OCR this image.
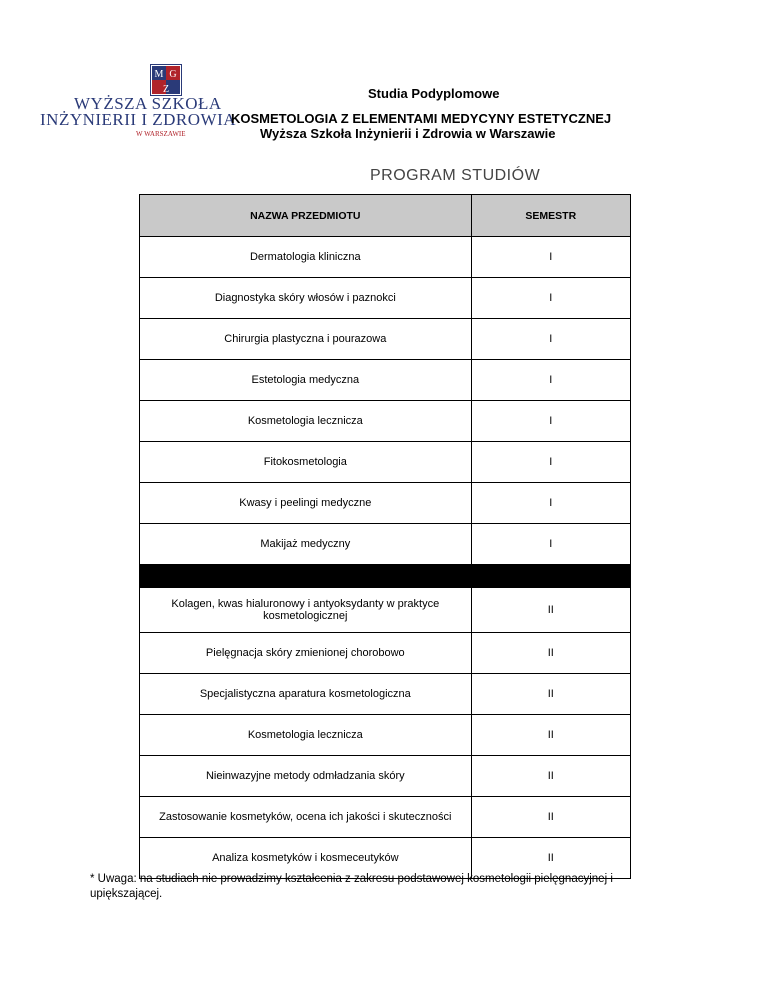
M G
Z
WYŻSZA SZKOŁA
INŻYNIERII I ZDROWIA
W WARSZAWIE
Studia Podyplomowe
KOSMETOLOGIA Z ELEMENTAMI MEDYCYNY ESTETYCZNEJ
Wyższa Szkoła Inżynierii i Zdrowia w Warszawie
PROGRAM STUDIÓW
NAZWA PRZEDMIOTU	SEMESTR
Dermatologia kliniczna	I
Diagnostyka skóry włosów i paznokci	I
Chirurgia plastyczna i pourazowa	I
Estetologia medyczna	I
Kosmetologia lecznicza	I
Fitokosmetologia	I
Kwasy i peelingi medyczne	I
Makijaż medyczny	I

Kolagen, kwas hialuronowy i antyoksydanty w praktyce kosmetologicznej	II
Pielęgnacja skóry zmienionej chorobowo	II
Specjalistyczna aparatura kosmetologiczna	II
Kosmetologia lecznicza	II
Nieinwazyjne metody odmładzania skóry	II
Zastosowanie kosmetyków, ocena ich jakości i skuteczności	II
Analiza kosmetyków i kosmeceutyków	II
* Uwaga: na studiach nie prowadzimy kształcenia z zakresu podstawowej kosmetologii pielęgnacyjnej i upiększającej.
